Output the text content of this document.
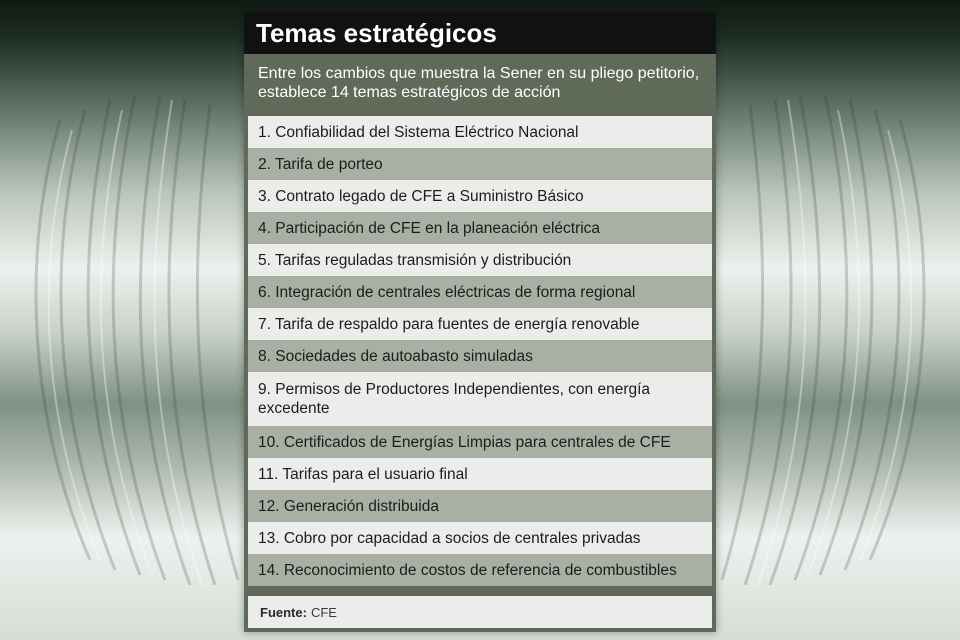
Temas estratégicos
Entre los cambios que muestra la Sener en su pliego petitorio, establece 14 temas estratégicos de acción
1. Confiabilidad del Sistema Eléctrico Nacional
2. Tarifa de porteo
3. Contrato legado de CFE a Suministro Básico
4. Participación de CFE en la planeación eléctrica
5. Tarifas reguladas transmisión y distribución
6. Integración de centrales eléctricas de forma regional
7. Tarifa de respaldo para fuentes de energía renovable
8. Sociedades de autoabasto simuladas
9. Permisos de Productores Independientes, con energía excedente
10. Certificados de Energías Limpias para centrales de CFE
11. Tarifas para el usuario final
12. Generación distribuida
13. Cobro por capacidad a socios de centrales privadas
14. Reconocimiento de costos de referencia de combustibles
Fuente: CFE
